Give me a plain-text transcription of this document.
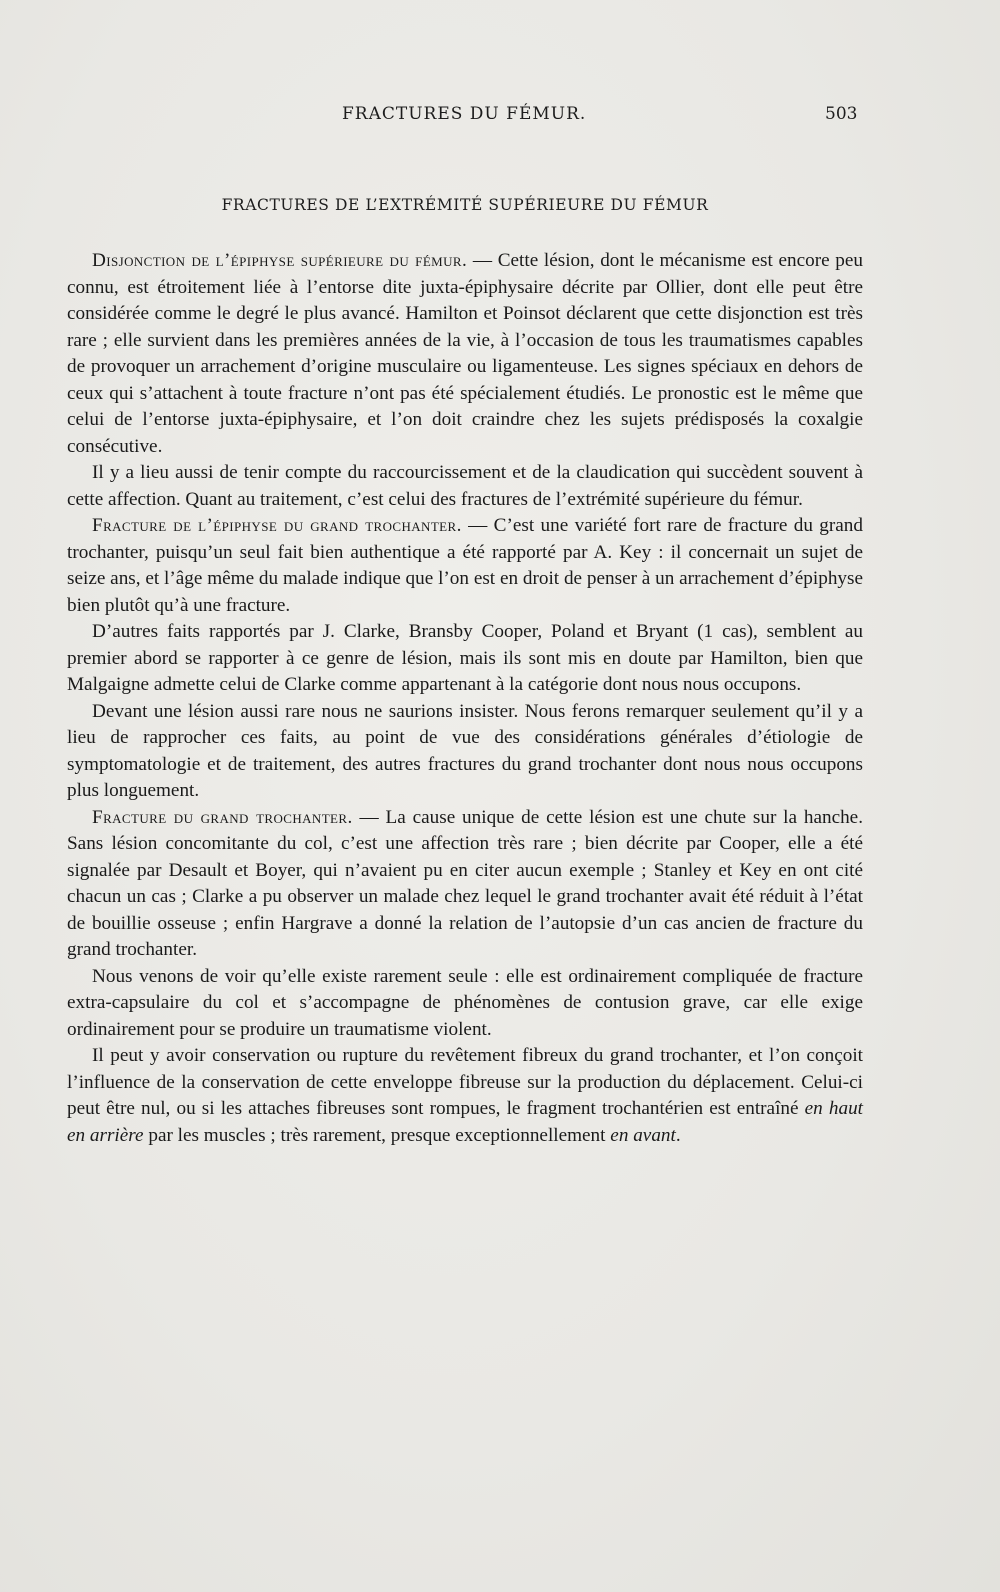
FRACTURES DU FÉMUR.	503
FRACTURES DE L’EXTRÉMITÉ SUPÉRIEURE DU FÉMUR

Disjonction de l’épiphyse supérieure du fémur. — Cette lésion, dont le mécanisme est encore peu connu, est étroitement liée à l’entorse dite juxta-épiphysaire décrite par Ollier, dont elle peut être considérée comme le degré le plus avancé. Hamilton et Poinsot déclarent que cette disjonction est très rare ; elle survient dans les premières années de la vie, à l’occasion de tous les traumatismes capables de provoquer un arrachement d’origine musculaire ou ligamenteuse. Les signes spéciaux en dehors de ceux qui s’attachent à toute fracture n’ont pas été spécialement étudiés. Le pronostic est le même que celui de l’entorse juxta-épiphysaire, et l’on doit craindre chez les sujets prédisposés la coxalgie consécutive.

Il y a lieu aussi de tenir compte du raccourcissement et de la claudication qui succèdent souvent à cette affection. Quant au traitement, c’est celui des fractures de l’extrémité supérieure du fémur.

Fracture de l’épiphyse du grand trochanter. — C’est une variété fort rare de fracture du grand trochanter, puisqu’un seul fait bien authentique a été rapporté par A. Key : il concernait un sujet de seize ans, et l’âge même du malade indique que l’on est en droit de penser à un arrachement d’épiphyse bien plutôt qu’à une fracture.

D’autres faits rapportés par J. Clarke, Bransby Cooper, Poland et Bryant (1 cas), semblent au premier abord se rapporter à ce genre de lésion, mais ils sont mis en doute par Hamilton, bien que Malgaigne admette celui de Clarke comme appartenant à la catégorie dont nous nous occupons.

Devant une lésion aussi rare nous ne saurions insister. Nous ferons remarquer seulement qu’il y a lieu de rapprocher ces faits, au point de vue des considérations générales d’étiologie de symptomatologie et de traitement, des autres fractures du grand trochanter dont nous nous occupons plus longuement.

Fracture du grand trochanter. — La cause unique de cette lésion est une chute sur la hanche. Sans lésion concomitante du col, c’est une affection très rare ; bien décrite par Cooper, elle a été signalée par Desault et Boyer, qui n’avaient pu en citer aucun exemple ; Stanley et Key en ont cité chacun un cas ; Clarke a pu observer un malade chez lequel le grand trochanter avait été réduit à l’état de bouillie osseuse ; enfin Hargrave a donné la relation de l’autopsie d’un cas ancien de fracture du grand trochanter.

Nous venons de voir qu’elle existe rarement seule : elle est ordinairement compliquée de fracture extra-capsulaire du col et s’accompagne de phénomènes de contusion grave, car elle exige ordinairement pour se produire un traumatisme violent.

Il peut y avoir conservation ou rupture du revêtement fibreux du grand trochanter, et l’on conçoit l’influence de la conservation de cette enveloppe fibreuse sur la production du déplacement. Celui-ci peut être nul, ou si les attaches fibreuses sont rompues, le fragment trochantérien est entraîné en haut en arrière par les muscles ; très rarement, presque exceptionnellement en avant.
